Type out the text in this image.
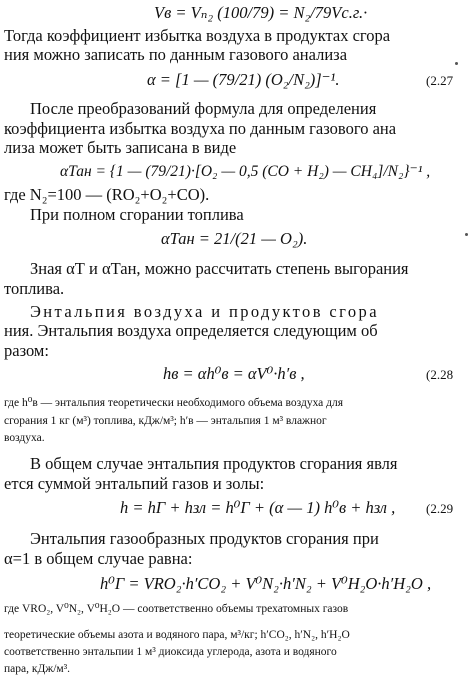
Vв = Vₙ₂ (100/79) = N₂/79Vс.г.·
Тогда коэффициент избытка воздуха в продуктах сгора
ния можно записать по данным газового анализа
α = [1 — (79/21) (O₂/N₂)]⁻¹.	(2.27
После преобразований формула для определения
коэффициента избытка воздуха по данным газового ана
лиза может быть записана в виде
αТан = {1 — (79/21)·[O₂ — 0,5 (CO + H₂) — CH₄]/N₂}⁻¹ ,
где N₂=100 — (RO₂+O₂+CO).
При полном сгорании топлива
αТан = 21/(21 — O₂).
Зная αТ и αТан, можно рассчитать степень выгорания
топлива.
Энтальпия воздуха и продуктов сгора
ния. Энтальпия воздуха определяется следующим об
разом:
hв = αh⁰в = αV⁰·h′в ,	(2.28
где h⁰в — энтальпия теоретически необходимого объема воздуха для
сгорания 1 кг (м³) топлива, кДж/м³; h′в — энтальпия 1 м³ влажног
воздуха.
В общем случае энтальпия продуктов сгорания явля
ется суммой энтальпий газов и золы:
h = hГ + hзл = h⁰Г + (α — 1) h⁰в + hзл , (2.29
Энтальпия газообразных продуктов сгорания при
α=1 в общем случае равна:
h⁰Г = VRO₂·h′CO₂ + V⁰N₂·h′N₂ + V⁰H₂O·h′H₂O ,
где VRO₂, V⁰N₂, V⁰H₂O — соответственно объемы трехатомных газов
теоретические объемы азота и водяного пара, м³/кг; h′CO₂, h′N₂, h′H₂O
соответственно энтальпии 1 м³ диоксида углерода, азота и водяного
пара, кДж/м³.
